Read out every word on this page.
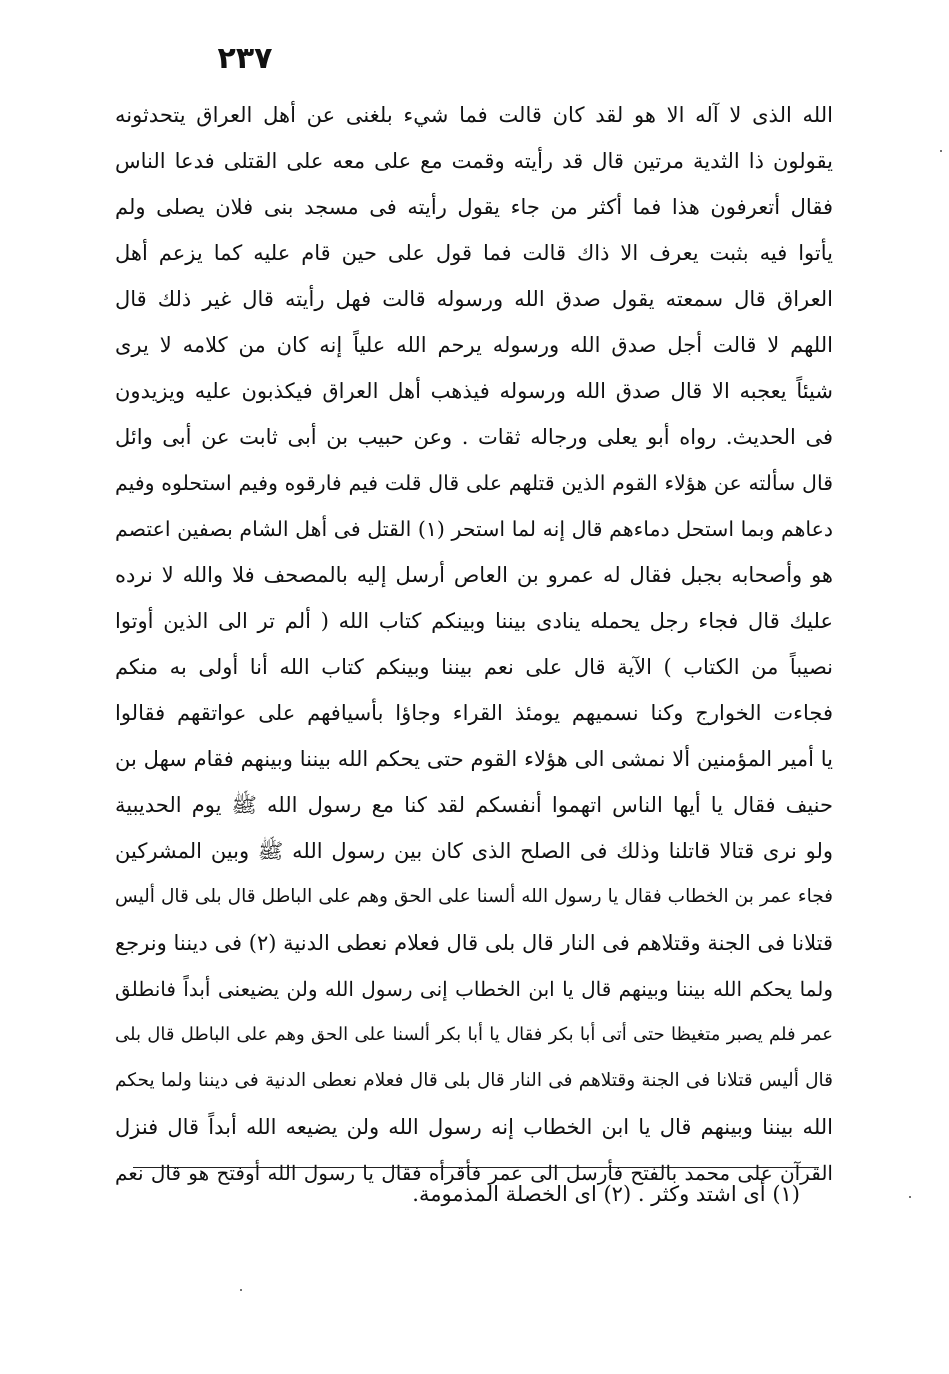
٢٣٧
الله الذى لا آله الا هو لقد كان قالت فما شيء بلغنى عن أهل العراق يتحدثونه
يقولون ذا الثدية مرتين قال قد رأيته وقمت مع على معه على القتلى فدعا الناس
فقال أتعرفون هذا فما أكثر من جاء يقول رأيته فى مسجد بنى فلان يصلى ولم
يأتوا فيه بثبت يعرف الا ذاك قالت فما قول على حين قام عليه كما يزعم أهل
العراق قال سمعته يقول صدق الله ورسوله قالت فهل رأيته قال غير ذلك قال
اللهم لا قالت أجل صدق الله ورسوله يرحم الله علياً إنه كان من كلامه لا يرى
شيئاً يعجبه الا قال صدق الله ورسوله فيذهب أهل العراق فيكذبون عليه ويزيدون
فى الحديث. رواه أبو يعلى ورجاله ثقات . وعن حبيب بن أبى ثابت عن أبى وائل
قال سألته عن هؤلاء القوم الذين قتلهم على قال قلت فيم فارقوه وفيم استحلوه وفيم
دعاهم وبما استحل دماءهم قال إنه لما استحر (١) القتل فى أهل الشام بصفين اعتصم
هو وأصحابه بجبل فقال له عمرو بن العاص أرسل إليه بالمصحف فلا والله لا نرده
عليك قال فجاء رجل يحمله ينادى بيننا وبينكم كتاب الله ( ألم تر الى الذين أوتوا
نصيباً من الكتاب ) الآية قال على نعم بيننا وبينكم كتاب الله أنا أولى به منكم
فجاءت الخوارج وكنا نسميهم يومئذ القراء وجاؤا بأسيافهم على عواتقهم فقالوا
يا أمير المؤمنين ألا نمشى الى هؤلاء القوم حتى يحكم الله بيننا وبينهم فقام سهل بن
حنيف فقال يا أيها الناس اتهموا أنفسكم لقد كنا مع رسول الله ﷺ يوم الحديبية
ولو نرى قتالا قاتلنا وذلك فى الصلح الذى كان بين رسول الله ﷺ وبين المشركين
فجاء عمر بن الخطاب فقال يا رسول الله ألسنا على الحق وهم على الباطل قال بلى قال أليس
قتلانا فى الجنة وقتلاهم فى النار قال بلى قال فعلام نعطى الدنية (٢) فى ديننا ونرجع
ولما يحكم الله بيننا وبينهم قال يا ابن الخطاب إنى رسول الله ولن يضيعنى أبداً فانطلق
عمر فلم يصبر متغيظا حتى أتى أبا بكر فقال يا أبا بكر ألسنا على الحق وهم على الباطل قال بلى
قال أليس قتلانا فى الجنة وقتلاهم فى النار قال بلى قال فعلام نعطى الدنية فى ديننا ولما يحكم
الله بيننا وبينهم قال يا ابن الخطاب إنه رسول الله ولن يضيعه الله أبداً قال فنزل
القرآن على محمد بالفتح فأرسل الى عمر فأقرأه فقال يا رسول الله أوفتح هو قال نعم
(١) أى اشتد وكثر . (٢) اى الخصلة المذمومة.
